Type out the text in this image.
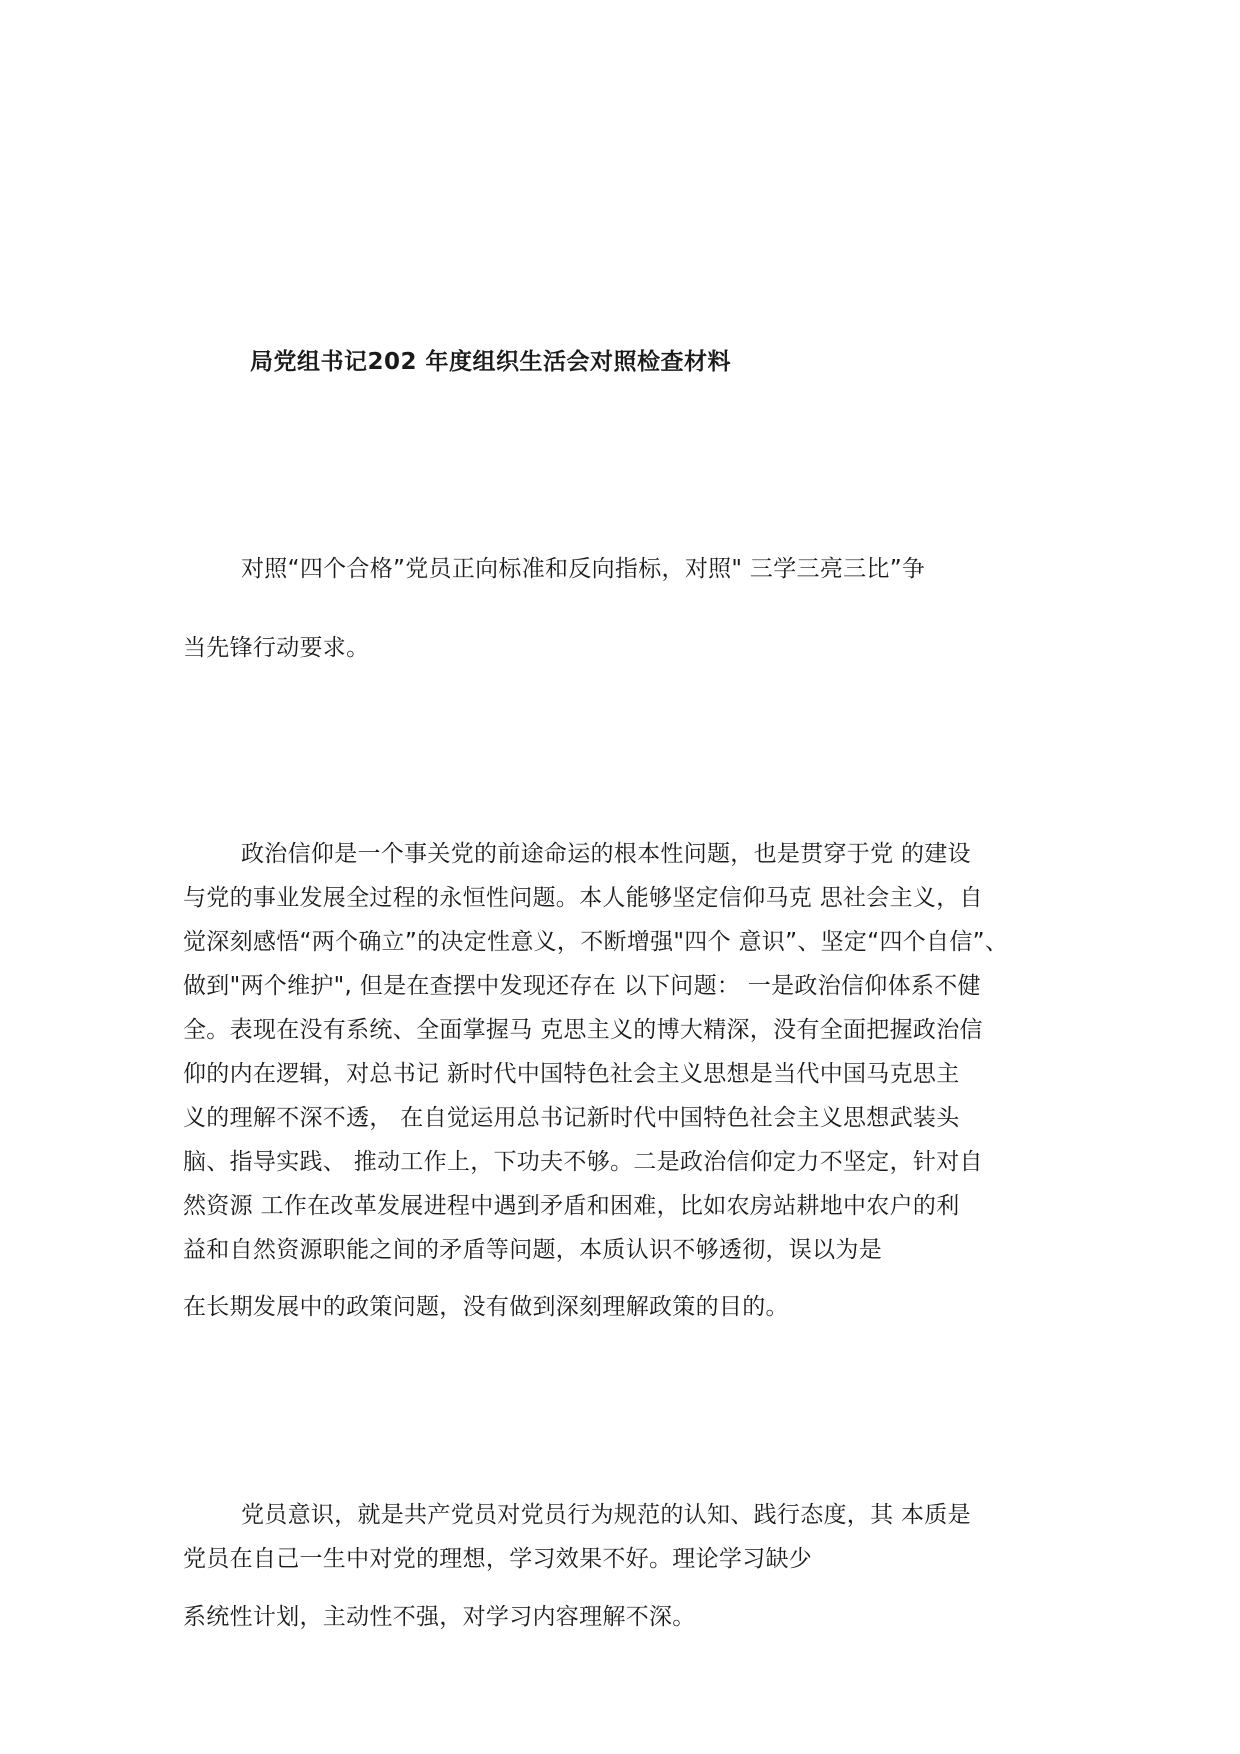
局党组书记202 年度组织生活会对照检查材料
对照“四个合格”党员正向标准和反向指标，对照" 三学三亮三比”争
当先锋行动要求。
政治信仰是一个事关党的前途命运的根本性问题，也是贯穿于党 的建设
与党的事业发展全过程的永恒性问题。本人能够坚定信仰马克 思社会主义，自
觉深刻感悟“两个确立”的决定性意义，不断增强"四个 意识”、坚定“四个自信”、
做到"两个维护", 但是在查摆中发现还存在 以下问题： 一是政治信仰体系不健
全。表现在没有系统、全面掌握马 克思主义的博大精深，没有全面把握政治信
仰的内在逻辑，对总书记 新时代中国特色社会主义思想是当代中国马克思主
义的理解不深不透， 在自觉运用总书记新时代中国特色社会主义思想武装头
脑、指导实践、 推动工作上，下功夫不够。二是政治信仰定力不坚定，针对自
然资源 工作在改革发展进程中遇到矛盾和困难，比如农房站耕地中农户的利
益和自然资源职能之间的矛盾等问题，本质认识不够透彻，误以为是
在长期发展中的政策问题，没有做到深刻理解政策的目的。
党员意识，就是共产党员对党员行为规范的认知、践行态度，其 本质是
党员在自己一生中对党的理想，学习效果不好。理论学习缺少
系统性计划，主动性不强，对学习内容理解不深。
